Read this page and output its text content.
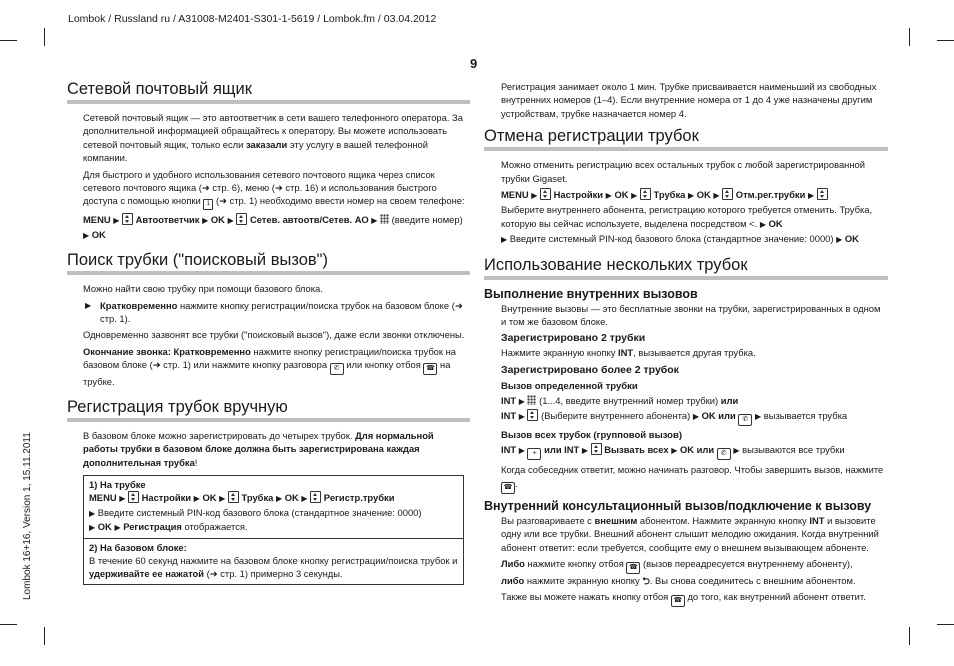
Lombok / Russland ru / A31008-M2401-S301-1-5619 / Lombok.fm / 03.04.2012
9
Lombok 16+16, Version 1, 15.11.2011
Сетевой почтовый ящик

Сетевой почтовый ящик — это автоответчик в сети вашего телефонного оператора. За дополнительной информацией обращайтесь к оператору. Вы можете использовать сетевой почтовый ящик, только если заказали эту услугу в вашей телефонной компании.

Для быстрого и удобного использования сетевого почтового ящика через список сетевого почтового ящика (➜ стр. 6), меню (➜ стр. 16) и использования быстрого доступа с помощью кнопки 1 (➜ стр. 1) необходимо ввести номер на своем телефоне:

MENU ▶ Автоответчик ▶ OK ▶ Сетев. автоотв/Сетев. АО ▶ (введите номер) ▶ OK

Поиск трубки ("поисковый вызов")

Можно найти свою трубку при помощи базового блока.

▶ Кратковременно нажмите кнопку регистрации/поиска трубок на базовом блоке (➜ стр. 1).

Одновременно зазвонят все трубки ("поисковый вызов"), даже если звонки отключены.

Окончание звонка: Кратковременно нажмите кнопку регистрации/поиска трубок на базовом блоке (➜ стр. 1) или нажмите кнопку разговора ✆ или кнопку отбоя ☎ на трубке.

Регистрация трубок вручную

В базовом блоке можно зарегистрировать до четырех трубок. Для нормальной работы трубки в базовом блоке должна быть зарегистрирована каждая дополнительная трубка!

1) На трубке
MENU ▶ Настройки ▶ OK ▶ Трубка ▶ OK ▶ Регистр.трубки
▶ Введите системный PIN-код базового блока (стандартное значение: 0000)
▶ OK ▶ Регистрация отображается.
2) На базовом блоке:
В течение 60 секунд нажмите на базовом блоке кнопку регистрации/поиска трубок и удерживайте ее нажатой (➜ стр. 1) примерно 3 секунды.

Регистрация занимает около 1 мин. Трубке присваивается наименьший из свободных внутренних номеров (1–4). Если внутренние номера от 1 до 4 уже назначены другим устройствам, трубке назначается номер 4.

Отмена регистрации трубок

Можно отменить регистрацию всех остальных трубок с любой зарегистрированной трубки Gigaset.

MENU ▶ Настройки ▶ OK ▶ Трубка ▶ OK ▶ Отм.рег.трубки ▶

Выберите внутреннего абонента, регистрацию которого требуется отменить. Трубка, которую вы сейчас используете, выделена посредством <. ▶ OK

▶ Введите системный PIN-код базового блока (стандартное значение: 0000) ▶ OK

Использование нескольких трубок
Выполнение внутренних вызовов

Внутренние вызовы — это бесплатные звонки на трубки, зарегистрированных в одном и том же базовом блоке.

Зарегистрировано 2 трубки

Нажмите экранную кнопку INT, вызывается другая трубка.

Зарегистрировано более 2 трубок
Вызов определенной трубки

INT ▶ (1...4, введите внутренний номер трубки) или

INT ▶ (Выберите внутреннего абонента) ▶ OK или ✆ ▶ вызывается трубка

Вызов всех трубок (групповой вызов)

INT ▶ + или INT ▶ Вызвать всех ▶ OK или ✆ ▶ вызываются все трубки

Когда собеседник ответит, можно начинать разговор. Чтобы завершить вызов, нажмите ☎ .

Внутренний консультационный вызов/подключение к вызову

Вы разговариваете с внешним абонентом. Нажмите экранную кнопку INT и вызовите одну или все трубки. Внешний абонент слышит мелодию ожидания. Когда внутренний абонент ответит: если требуется, сообщите ему о внешнем вызывающем абоненте.

Либо нажмите кнопку отбоя ☎ (вызов переадресуется внутреннему абоненту),
либо нажмите экранную кнопку ⮌. Вы снова соединитесь с внешним абонентом.

Также вы можете нажать кнопку отбоя ☎ до того, как внутренний абонент ответит.
